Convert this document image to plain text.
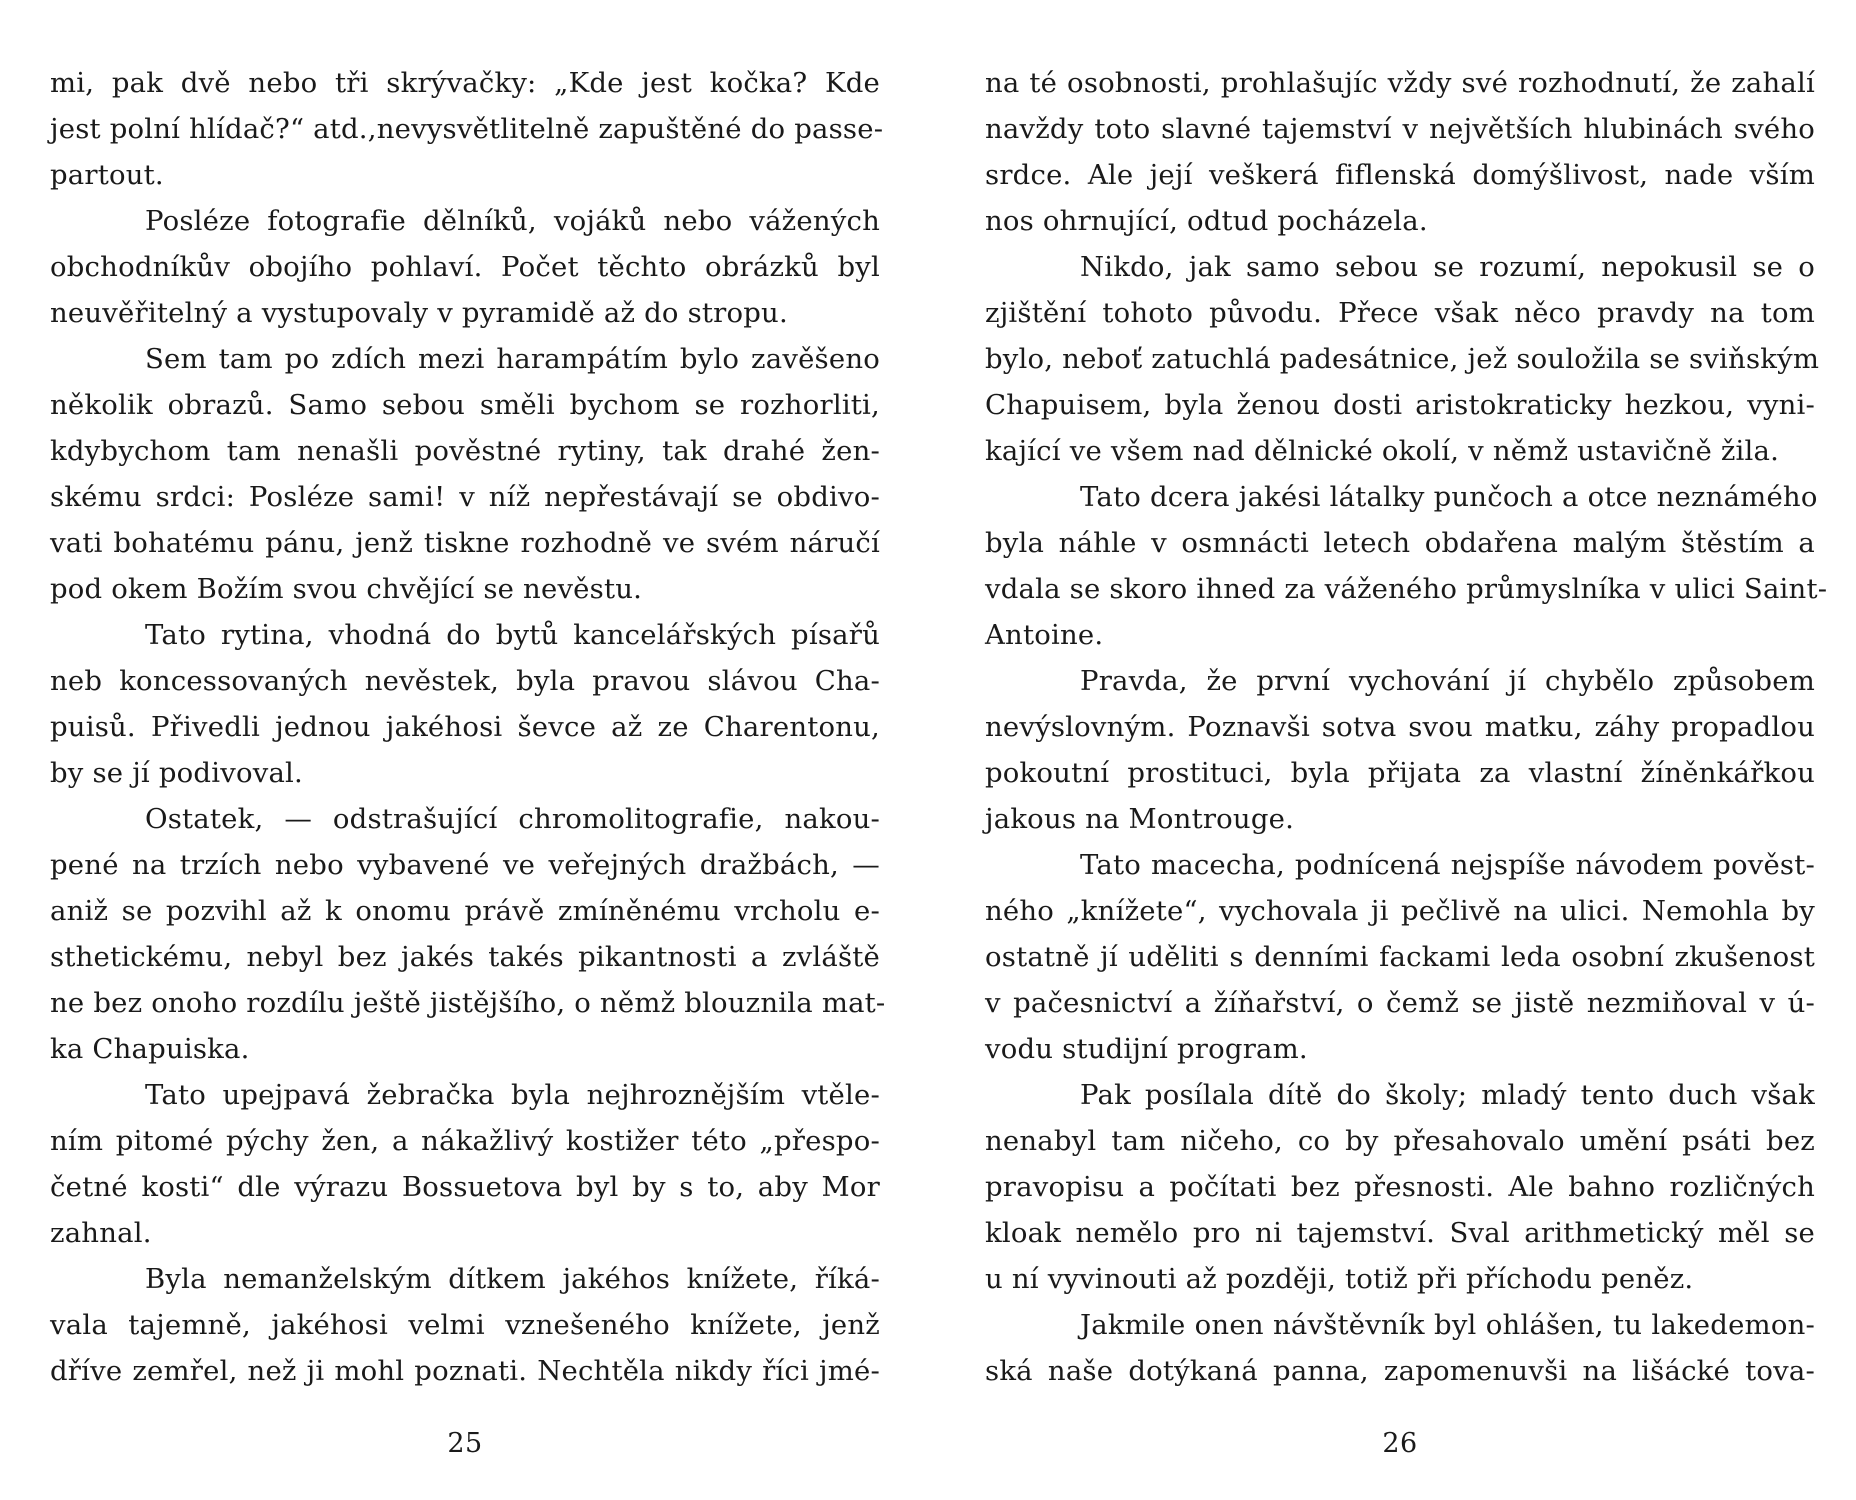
mi, pak dvě nebo tři skrývačky: „Kde jest kočka? Kde
jest polní hlídač?“ atd.,nevysvětlitelně zapuštěné do passe-
partout.
Posléze fotografie dělníků, vojáků nebo vážených
obchodníkův obojího pohlaví. Počet těchto obrázků byl
neuvěřitelný a vystupovaly v pyramidě až do stropu.
Sem tam po zdích mezi harampátím bylo zavěšeno
několik obrazů. Samo sebou směli bychom se rozhorliti,
kdybychom tam nenašli pověstné rytiny, tak drahé žen-
skému srdci: Posléze sami! v níž nepřestávají se obdivo-
vati bohatému pánu, jenž tiskne rozhodně ve svém náručí
pod okem Božím svou chvějící se nevěstu.
Tato rytina, vhodná do bytů kancelářských písařů
neb koncessovaných nevěstek, byla pravou slávou Cha-
puisů. Přivedli jednou jakéhosi ševce až ze Charentonu,
by se jí podivoval.
Ostatek, — odstrašující chromolitografie, nakou-
pené na trzích nebo vybavené ve veřejných dražbách, —
aniž se pozvihl až k onomu právě zmíněnému vrcholu e-
sthetickému, nebyl bez jakés takés pikantnosti a zvláště
ne bez onoho rozdílu ještě jistějšího, o němž blouznila mat-
ka Chapuiska.
Tato upejpavá žebračka byla nejhroznějším vtěle-
ním pitomé pýchy žen, a nákažlivý kostižer této „přespo-
četné kosti“ dle výrazu Bossuetova byl by s to, aby Mor
zahnal.
Byla nemanželským dítkem jakéhos knížete, říká-
vala tajemně, jakéhosi velmi vznešeného knížete, jenž
dříve zemřel, než ji mohl poznati. Nechtěla nikdy říci jmé-
25
na té osobnosti, prohlašujíc vždy své rozhodnutí, že zahalí
navždy toto slavné tajemství v největších hlubinách svého
srdce. Ale její veškerá fiflenská domýšlivost, nade vším
nos ohrnující, odtud pocházela.
Nikdo, jak samo sebou se rozumí, nepokusil se o
zjištění tohoto původu. Přece však něco pravdy na tom
bylo, neboť zatuchlá padesátnice, jež souložila se sviňským
Chapuisem, byla ženou dosti aristokraticky hezkou, vyni-
kající ve všem nad dělnické okolí, v němž ustavičně žila.
Tato dcera jakési látalky punčoch a otce neznámého
byla náhle v osmnácti letech obdařena malým štěstím a
vdala se skoro ihned za váženého průmyslníka v ulici Saint-
Antoine.
Pravda, že první vychování jí chybělo způsobem
nevýslovným. Poznavši sotva svou matku, záhy propadlou
pokoutní prostituci, byla přijata za vlastní žíněnkářkou
jakous na Montrouge.
Tato macecha, podnícená nejspíše návodem pověst-
ného „knížete“, vychovala ji pečlivě na ulici. Nemohla by
ostatně jí uděliti s denními fackami leda osobní zkušenost
v pačesnictví a žíňařství, o čemž se jistě nezmiňoval v ú-
vodu studijní program.
Pak posílala dítě do školy; mladý tento duch však
nenabyl tam ničeho, co by přesahovalo umění psáti bez
pravopisu a počítati bez přesnosti. Ale bahno rozličných
kloak nemělo pro ni tajemství. Sval arithmetický měl se
u ní vyvinouti až později, totiž při příchodu peněz.
Jakmile onen návštěvník byl ohlášen, tu lakedemon-
ská naše dotýkaná panna, zapomenuvši na lišácké tova-
26
